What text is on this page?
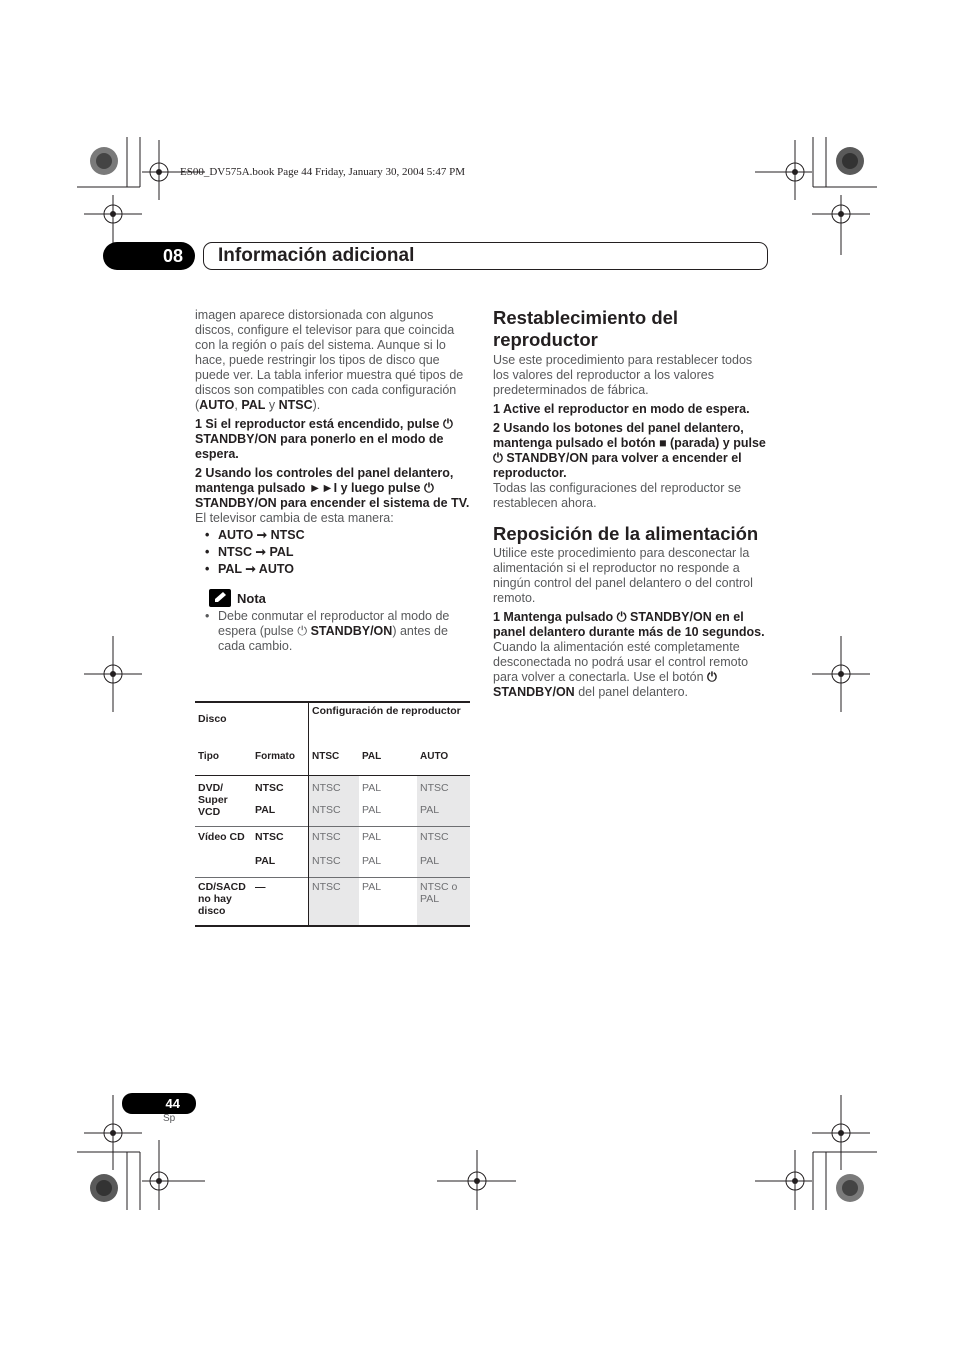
ES00_DV575A.book Page 44 Friday, January 30, 2004 5:47 PM
08	Información adicional

imagen aparece distorsionada con algunos discos, configure el televisor para que coincida con la región o país del sistema. Aunque si lo hace, puede restringir los tipos de disco que puede ver. La tabla inferior muestra qué tipos de discos son compatibles con cada configuración (AUTO, PAL y NTSC).

1 Si el reproductor está encendido, pulse ⏻ STANDBY/ON para ponerlo en el modo de espera.

2 Usando los controles del panel delantero, mantenga pulsado ►►I y luego pulse ⏻ STANDBY/ON para encender el sistema de TV.

El televisor cambia de esta manera:

• AUTO ➞ NTSC

• NTSC ➞ PAL

• PAL ➞ AUTO

Nota

• Debe conmutar el reproductor al modo de espera (pulse ⏻ STANDBY/ON) antes de cada cambio.

Disco		Configuración de reproductor		
Tipo	Formato	NTSC	PAL	AUTO
DVD/ Super VCD	NTSC	NTSC	PAL	NTSC
	PAL	NTSC	PAL	PAL
Vídeo CD	NTSC	NTSC	PAL	NTSC
	PAL	NTSC	PAL	PAL
CD/SACD no hay disco	—	NTSC	PAL	NTSC o PAL
Restablecimiento del reproductor

Use este procedimiento para restablecer todos los valores del reproductor a los valores predeterminados de fábrica.

1 Active el reproductor en modo de espera.

2 Usando los botones del panel delantero, mantenga pulsado el botón ■ (parada) y pulse ⏻ STANDBY/ON para volver a encender el reproductor.

Todas las configuraciones del reproductor se restablecen ahora.

Reposición de la alimentación

Utilice este procedimiento para desconectar la alimentación si el reproductor no responde a ningún control del panel delantero o del control remoto.

1 Mantenga pulsado ⏻ STANDBY/ON en el panel delantero durante más de 10 segundos.

Cuando la alimentación esté completamente desconectada no podrá usar el control remoto para volver a conectarla. Use el botón ⏻ STANDBY/ON del panel delantero.

44
Sp
